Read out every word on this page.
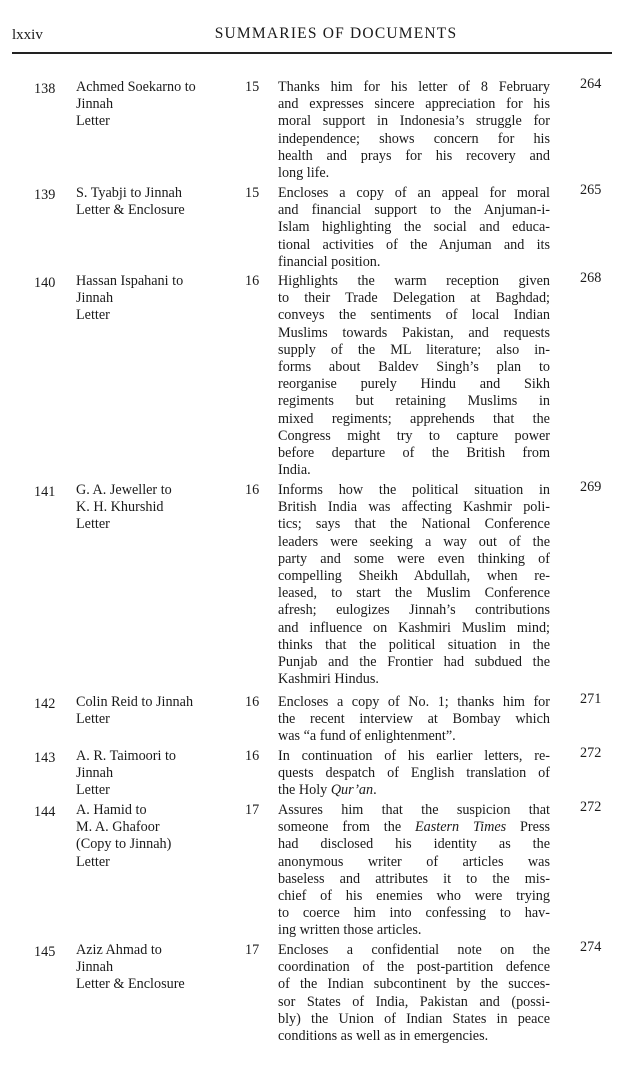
lxxiv	SUMMARIES OF DOCUMENTS
138 Achmed Soekarno to
Jinnah
Letter
15 Thanks him for his letter of 8 February
and expresses sincere appreciation for his
moral support in Indonesia’s struggle for
independence; shows concern for his
health and prays for his recovery and
long life.
264
139 S. Tyabji to Jinnah
Letter & Enclosure
15 Encloses a copy of an appeal for moral
and financial support to the Anjuman-i-
Islam highlighting the social and educa-
tional activities of the Anjuman and its
financial position.
265
140 Hassan Ispahani to
Jinnah
Letter
16 Highlights the warm reception given
to their Trade Delegation at Baghdad;
conveys the sentiments of local Indian
Muslims towards Pakistan, and requests
supply of the ML literature; also in-
forms about Baldev Singh’s plan to
reorganise purely Hindu and Sikh
regiments but retaining Muslims in
mixed regiments; apprehends that the
Congress might try to capture power
before departure of the British from
India.
268
141 G. A. Jeweller to
K. H. Khurshid
Letter
16 Informs how the political situation in
British India was affecting Kashmir poli-
tics; says that the National Conference
leaders were seeking a way out of the
party and some were even thinking of
compelling Sheikh Abdullah, when re-
leased, to start the Muslim Conference
afresh; eulogizes Jinnah’s contributions
and influence on Kashmiri Muslim mind;
thinks that the political situation in the
Punjab and the Frontier had subdued the
Kashmiri Hindus.
269
142 Colin Reid to Jinnah
Letter
16 Encloses a copy of No. 1; thanks him for
the recent interview at Bombay which
was “a fund of enlightenment”.
271
143 A. R. Taimoori to
Jinnah
Letter
16 In continuation of his earlier letters, re-
quests despatch of English translation of
the Holy Qur’an.
272
144 A. Hamid to
M. A. Ghafoor
(Copy to Jinnah)
Letter
17 Assures him that the suspicion that
someone from the Eastern Times Press
had disclosed his identity as the
anonymous writer of articles was
baseless and attributes it to the mis-
chief of his enemies who were trying
to coerce him into confessing to hav-
ing written those articles.
272
145 Aziz Ahmad to
Jinnah
Letter & Enclosure
17 Encloses a confidential note on the
coordination of the post-partition defence
of the Indian subcontinent by the succes-
sor States of India, Pakistan and (possi-
bly) the Union of Indian States in peace
conditions as well as in emergencies.
274
